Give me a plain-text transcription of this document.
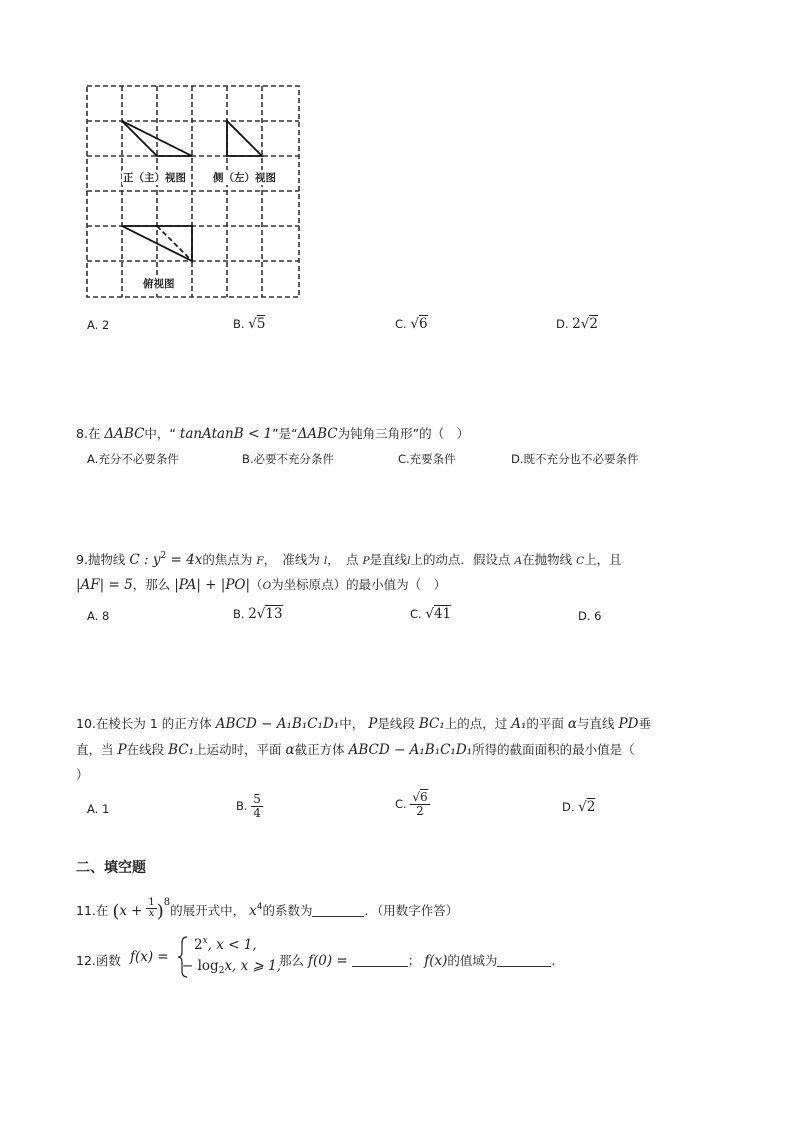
正（主）视图	侧（左）视图
俯视图
A. 2	B. √5	C. √6	D. 2√2
8.在 ΔABC中，“ tanAtanB < 1”是“ΔABC为钝角三角形”的（　）
A.充分不必要条件	B.必要不充分条件	C.充要条件	D.既不充分也不必要条件
9.抛物线 C : $y^2 = 4x$的焦点为 F，　准线为 l，　点 P是直线l上的动点．假设点 A在抛物线 C上，且
|AF| = 5，那么 |PA| + |PO|（O为坐标原点）的最小值为（　）
A. 8	B. 2√13	C. √41	D. 6
10.在棱长为 1 的正方体 ABCD − A₁B₁C₁D₁中， P是线段 BC₁上的点，过 A₁的平面 α与直线 PD垂
直，当 P在线段 BC₁上运动时，平面 α截正方体 ABCD − A₁B₁C₁D₁所得的截面面积的最小值是（
）
A. 1	B. $\frac{5}{4}$	C. $\frac{√6}{2}$	D. √2
二、填空题
11.在 $(x + \frac{1}{x} )^8$的展开式中， $x^4$的系数为	．（用数字作答）
12.函数 f(x) =
$2^x$, x < 1,
− $\log_2x$, x ⩾ 1,
那么 f(0) =	； f(x)的值域为	.
